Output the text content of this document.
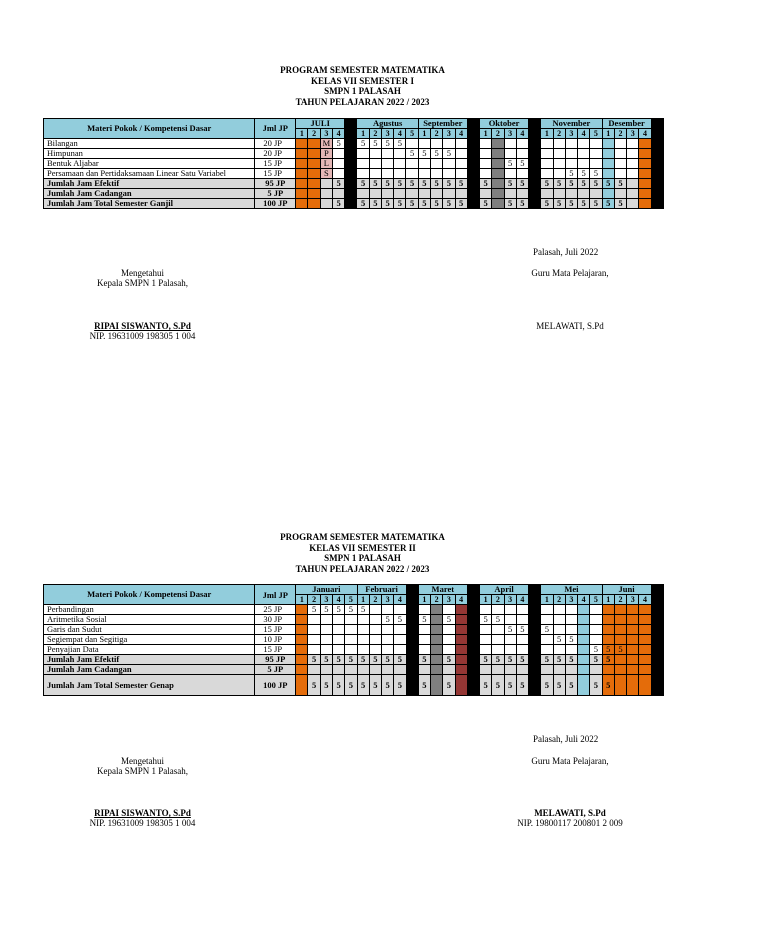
PROGRAM SEMESTER MATEMATIKA
KELAS VII SEMESTER I
SMPN 1 PALASAH
TAHUN PELAJARAN 2022 / 2023
Materi Pokok / Kompetensi Dasar	Jml JP	JULI					Agustus					September					Oktober					November					Desember				
		1	2	3	4		1	2	3	4	5	1	2	3	4		1	2	3	4		1	2	3	4	5	1	2	3	4	
Bilangan	20 JP			M	5		5	5	5	5																					
Himpunan	20 JP			P							5	5	5	5																	
Bentuk Aljabar	15 JP			L															5	5											
Persamaan dan Pertidaksamaan Linear Satu Variabel	15 JP			S																				5	5	5					
Jumlah Jam Efektif	95 JP				5		5	5	5	5	5	5	5	5	5		5		5	5		5	5	5	5	5	5	5			
Jumlah Jam Cadangan	5 JP																														
Jumlah Jam Total Semester Ganjil	100 JP				5		5	5	5	5	5	5	5	5	5		5		5	5		5	5	5	5	5	5	5			
Palasah, Juli 2022
Mengetahui
Kepala SMPN 1 Palasah,
Guru Mata Pelajaran,
RIPAI SISWANTO, S.Pd
NIP. 19631009 198305 1 004
MELAWATI, S.Pd
PROGRAM SEMESTER MATEMATIKA
KELAS VII SEMESTER II
SMPN 1 PALASAH
TAHUN PELAJARAN 2022 / 2023
Materi Pokok / Kompetensi Dasar	Jml JP	Januari					Februari					Maret					April					Mei					Juni				
		1	2	3	4	5	1	2	3	4		1	2	3	4		1	2	3	4		1	2	3	4	5	1	2	3	4	
Perbandingan	25 JP		5	5	5	5	5																								
Aritmetika Sosial	30 JP								5	5		5		5			5	5													
Garis dan Sudut	15 JP																		5	5		5									
Segiempat dan Segitiga	10 JP																						5	5							
Penyajian Data	15 JP																									5	5	5			
Jumlah Jam Efektif	95 JP		5	5	5	5	5	5	5	5		5		5			5	5	5	5		5	5	5		5	5				
Jumlah Jam Cadangan	5 JP																														
Jumlah Jam Total Semester Genap	100 JP		5	5	5	5	5	5	5	5		5		5			5	5	5	5		5	5	5		5	5				
Palasah, Juli 2022
Mengetahui
Kepala SMPN 1 Palasah,
Guru Mata Pelajaran,
RIPAI SISWANTO, S.Pd
NIP. 19631009 198305 1 004
MELAWATI, S.Pd
NIP. 19800117 200801 2 009
